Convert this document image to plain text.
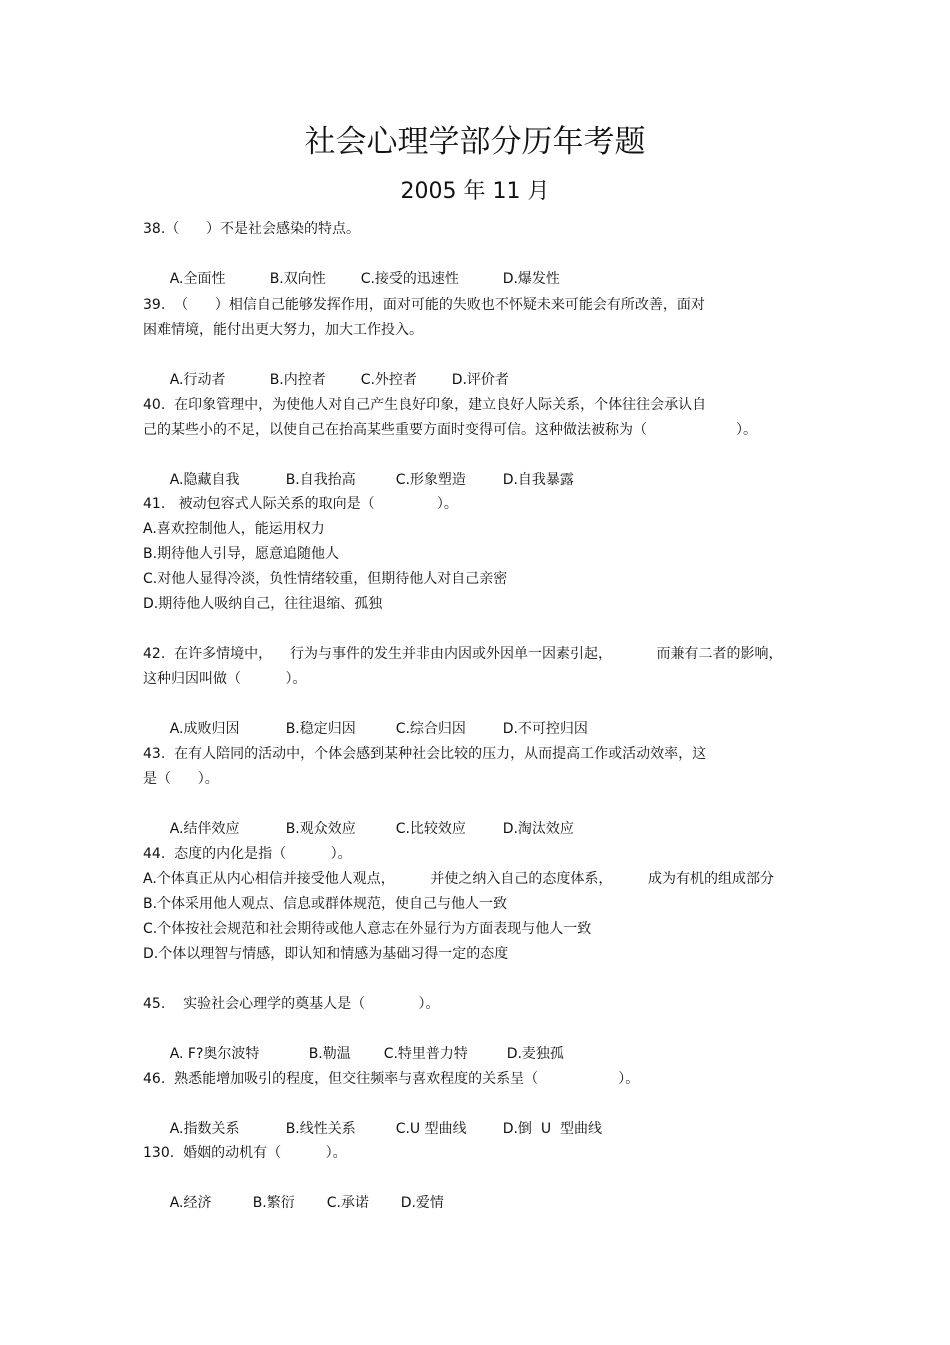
社会心理学部分历年考题
2005 年 11 月
38.（      ）不是社会感染的特点。

A.全面性	B.双向性 C.接受的迅速性	D.爆发性

39.  （      ）相信自己能够发挥作用，面对可能的失败也不怀疑未来可能会有所改善，面对
困难情境，能付出更大努力，加大工作投入。

A.行动者	B.内控者 C.外控者 D.评价者

40.  在印象管理中，为使他人对自己产生良好印象，建立良好人际关系，个体往往会承认自
己的某些小的不足，以使自己在抬高某些重要方面时变得可信。这种做法被称为（                    ）。

A.隐藏自我	B.自我抬高	C.形象塑造	D.自我暴露

41.   被动包容式人际关系的取向是（              ）。
A.喜欢控制他人，能运用权力
B.期待他人引导，愿意追随他人
C.对他人显得冷淡，负性情绪较重，但期待他人对自己亲密
D.期待他人吸纳自己，往往退缩、孤独
42.  在许多情境中，    行为与事件的发生并非由内因或外因单一因素引起，          而兼有二者的影响，
这种归因叫做（          ）。

A.成败归因	B.稳定归因	C.综合归因	D.不可控归因

43.  在有人陪同的活动中，个体会感到某种社会比较的压力，从而提高工作或活动效率，这
是（      ）。

A.结伴效应	B.观众效应	C.比较效应	D.淘汰效应

44.  态度的内化是指（          ）。
A.个体真正从内心相信并接受他人观点，        并使之纳入自己的态度体系，        成为有机的组成部分
B.个体采用他人观点、信息或群体规范，使自己与他人一致
C.个体按社会规范和社会期待或他人意志在外显行为方面表现与他人一致
D.个体以理智与情感，即认知和情感为基础习得一定的态度
45.    实验社会心理学的奠基人是（            ）。

A. F?奥尔波特	B.勒温 C.特里普力特	D.麦独孤

46.  熟悉能增加吸引的程度，但交往频率与喜欢程度的关系呈（                  ）。

A.指数关系	B.线性关系	C.U 型曲线	D.倒  U  型曲线

130.  婚姻的动机有（          ）。

A.经济	B.繁衍 C.承诺 D.爱情
